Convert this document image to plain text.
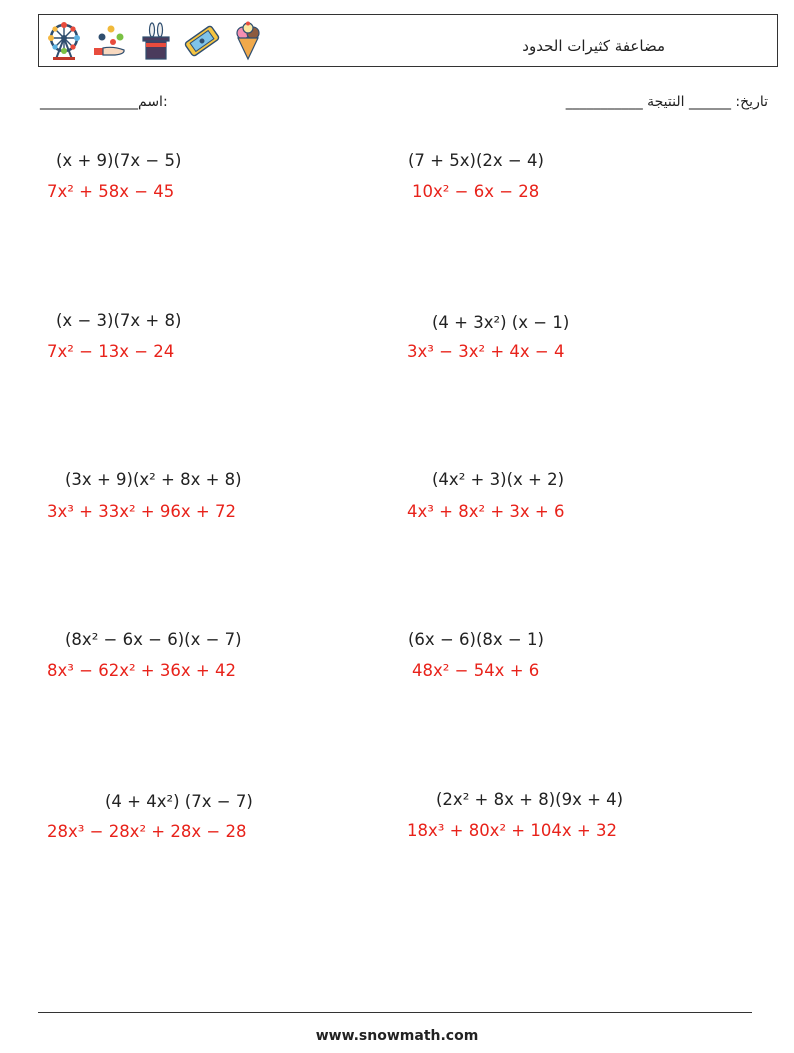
مضاعفة كثيرات الحدود
______________اسم:	تاريخ: ______ النتيجة ___________
(x + 9)(7x − 5)
7x² + 58x − 45
(7 + 5x)(2x − 4)
10x² − 6x − 28
(x − 3)(7x + 8)
7x² − 13x − 24
(4 + 3x²) (x − 1)
3x³ − 3x² + 4x − 4
(3x + 9)(x² + 8x + 8)
3x³ + 33x² + 96x + 72
(4x² + 3)(x + 2)
4x³ + 8x² + 3x + 6
(8x² − 6x − 6)(x − 7)
8x³ − 62x² + 36x + 42
(6x − 6)(8x − 1)
48x² − 54x + 6
(4 + 4x²) (7x − 7)
28x³ − 28x² + 28x − 28
(2x² + 8x + 8)(9x + 4)
18x³ + 80x² + 104x + 32
www.snowmath.com
